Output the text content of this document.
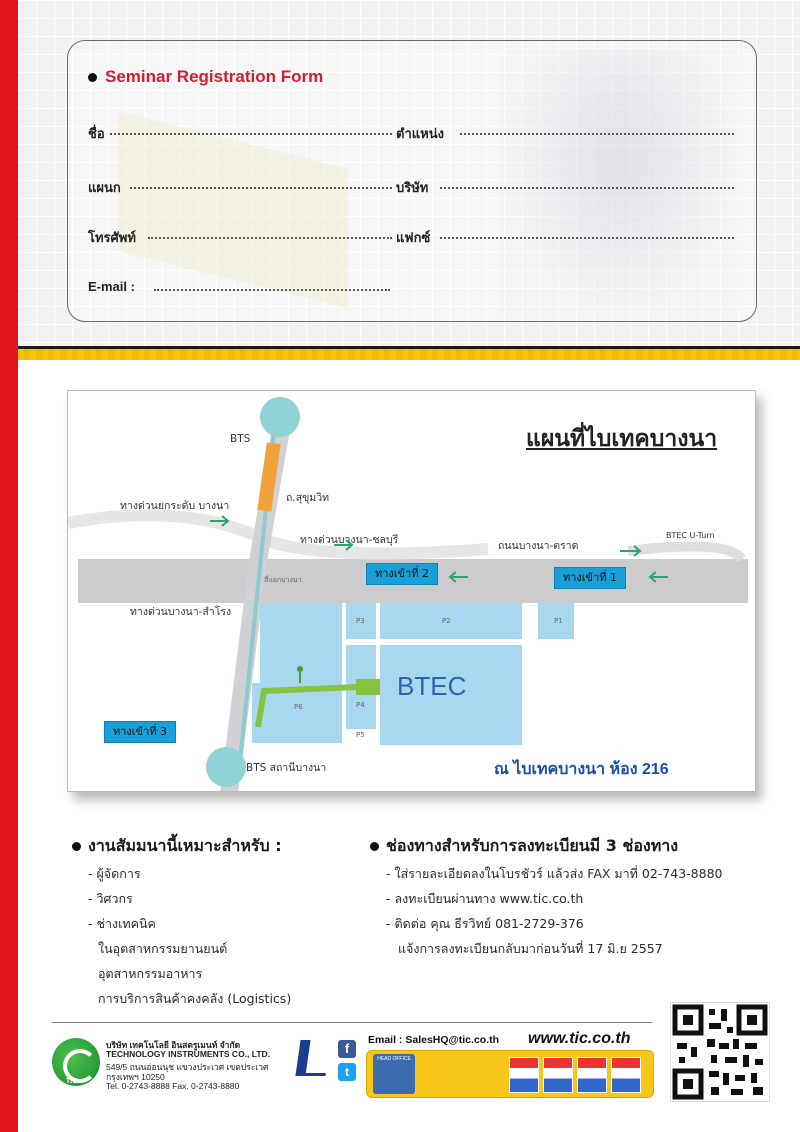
Seminar Registration Form
ชื่อ	ตำแหน่ง
แผนก	บริษัท
โทรศัพท์	แฟกซ์
E-mail :
BTS
ถ.สุขุมวิท
ทางด่วนยกระดับ บางนา
ทางด่วนบางนา-ชลบุรี	ถนนบางนา-ตราด
BTEC U-Turn
สี่แยกบางนา
ทางด่วนบางนา-สำโรง
BTS สถานีบางนา
P1
P2
P3
P4
P5
P6
ทางเข้าที่ 1
ทางเข้าที่ 2
ทางเข้าที่ 3
BTEC
แผนที่ไบเทคบางนา
ณ ไบเทคบางนา ห้อง 216
งานสัมมนานี้เหมาะสำหรับ :
- ผู้จัดการ
- วิศวกร
- ช่างเทคนิค
ในอุตสาหกรรมยานยนต์
อุตสาหกรรมอาหาร
การบริการสินค้าคงคลัง (Logistics)
ช่องทางสำหรับการลงทะเบียนมี 3 ช่องทาง
- ใส่รายละเอียดลงในโบรชัวร์ แล้วส่ง FAX มาที่ 02-743-8880
- ลงทะเบียนผ่านทาง www.tic.co.th
- ติดต่อ คุณ ธีรวิทย์ 081-2729-376
แจ้งการลงทะเบียนกลับมาก่อนวันที่ 17 มิ.ย 2557
TIC
บริษัท เทคโนโลยี อินสตรูเมนท์ จำกัด
TECHNOLOGY INSTRUMENTS CO., LTD.
549/5 ถนนอ่อนนุช แขวงประเวศ เขตประเวศ
กรุงเทพฯ 10250
Tel. 0-2743-8888 Fax. 0-2743-8880
f
t
Email : SalesHQ@tic.co.th www.tic.co.th
HEAD OFFICE
